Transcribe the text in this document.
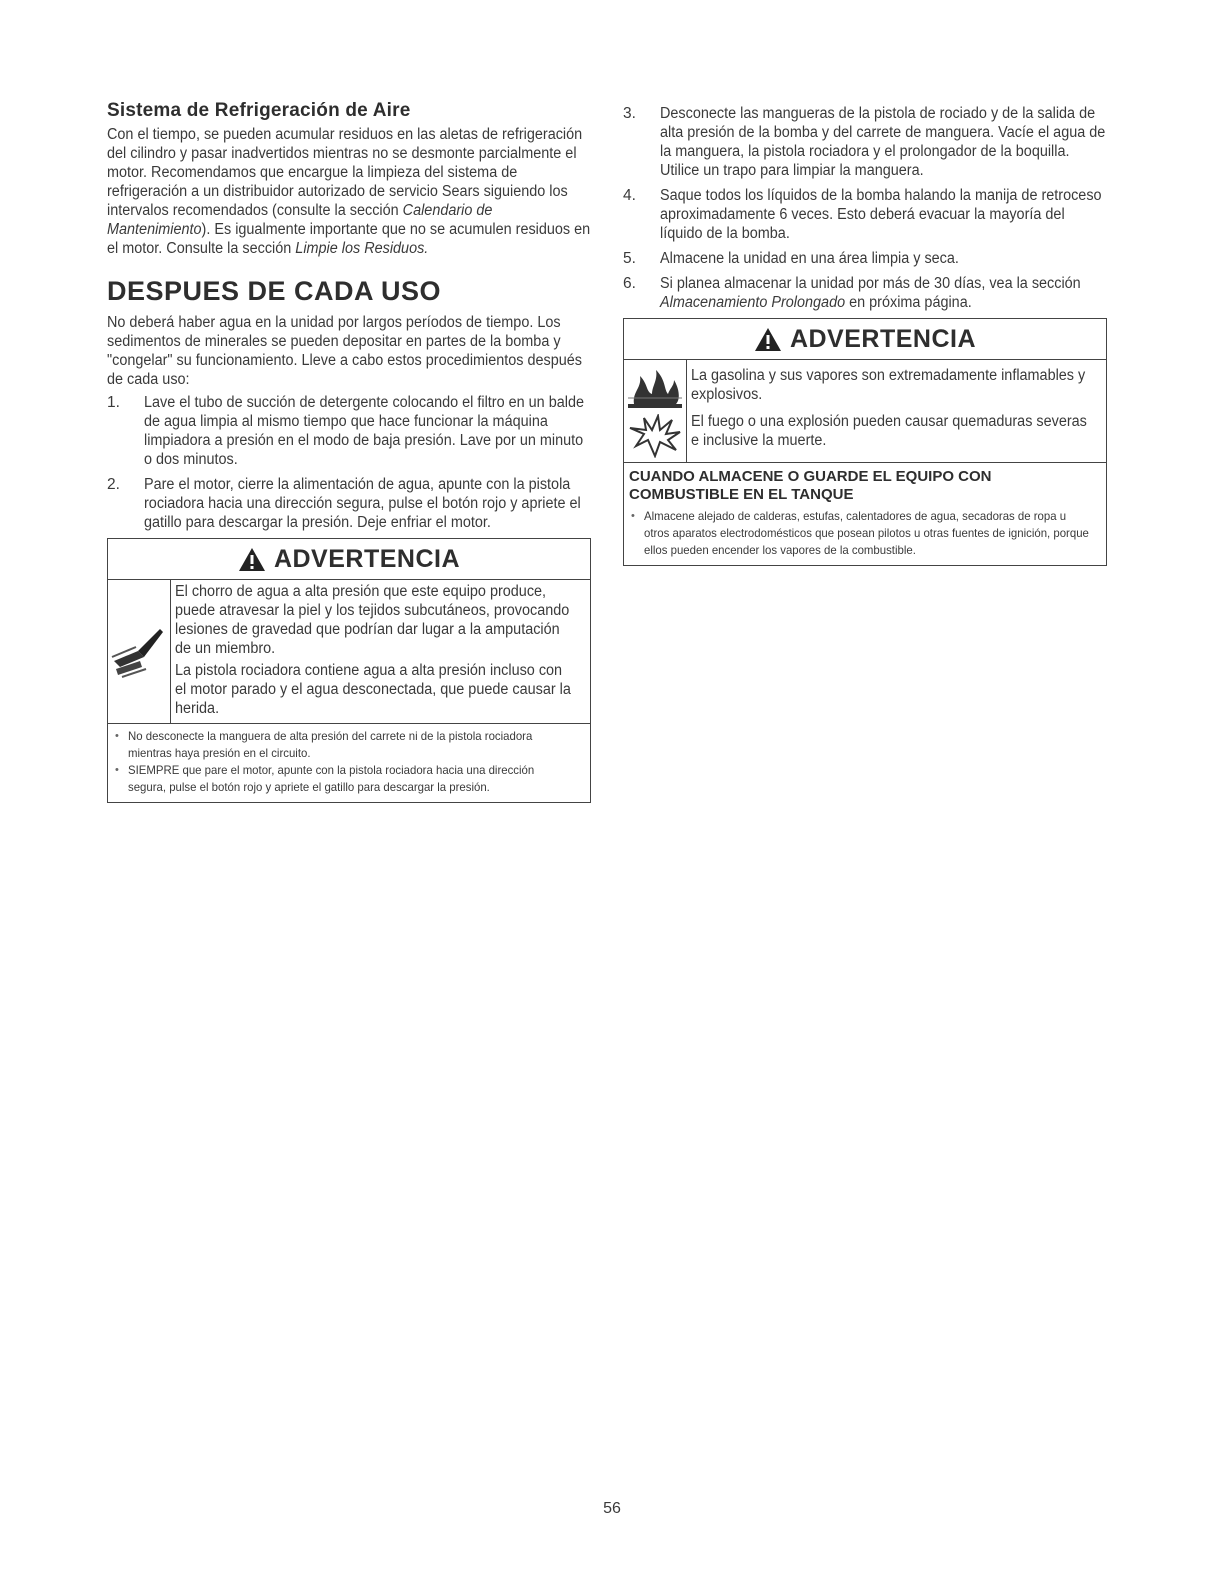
Sistema de Refrigeración de Aire

Con el tiempo, se pueden acumular residuos en las aletas de refrigeración del cilindro y pasar inadvertidos mientras no se desmonte parcialmente el motor. Recomendamos que encargue la limpieza del sistema de refrigeración a un distribuidor autorizado de servicio Sears siguiendo los intervalos recomendados (consulte la sección Calendario de Mantenimiento). Es igualmente importante que no se acumulen residuos en el motor. Consulte la sección Limpie los Residuos.

DESPUES DE CADA USO

No deberá haber agua en la unidad por largos períodos de tiempo. Los sedimentos de minerales se pueden depositar en partes de la bomba y "congelar" su funcionamiento. Lleve a cabo estos procedimientos después de cada uso:

1. Lave el tubo de succión de detergente colocando el filtro en un balde de agua limpia al mismo tiempo que hace funcionar la máquina limpiadora a presión en el modo de baja presión. Lave por un minuto o dos minutos.
2. Pare el motor, cierre la alimentación de agua, apunte con la pistola rociadora hacia una dirección segura, pulse el botón rojo y apriete el gatillo para descargar la presión. Deje enfriar el motor.
ADVERTENCIA

El chorro de agua a alta presión que este equipo produce, puede atravesar la piel y los tejidos subcutáneos, provocando lesiones de gravedad que podrían dar lugar a la amputación de un miembro.

La pistola rociadora contiene agua a alta presión incluso con el motor parado y el agua desconectada, que puede causar la herida.

• No desconecte la manguera de alta presión del carrete ni de la pistola rociadora mientras haya presión en el circuito.
• SIEMPRE que pare el motor, apunte con la pistola rociadora hacia una dirección segura, pulse el botón rojo y apriete el gatillo para descargar la presión.
3. Desconecte las mangueras de la pistola de rociado y de la salida de alta presión de la bomba y del carrete de manguera. Vacíe el agua de la manguera, la pistola rociadora y el prolongador de la boquilla. Utilice un trapo para limpiar la manguera.
4. Saque todos los líquidos de la bomba halando la manija de retroceso aproximadamente 6 veces. Esto deberá evacuar la mayoría del líquido de la bomba.
5. Almacene la unidad en una área limpia y seca.
6. Si planea almacenar la unidad por más de 30 días, vea la sección Almacenamiento Prolongado en próxima página.
ADVERTENCIA

La gasolina y sus vapores son extremadamente inflamables y explosivos.

El fuego o una explosión pueden causar quemaduras severas e inclusive la muerte.

CUANDO ALMACENE O GUARDE EL EQUIPO CON COMBUSTIBLE EN EL TANQUE
• Almacene alejado de calderas, estufas, calentadores de agua, secadoras de ropa u otros aparatos electrodomésticos que posean pilotos u otras fuentes de ignición, porque ellos pueden encender los vapores de la combustible.
56
